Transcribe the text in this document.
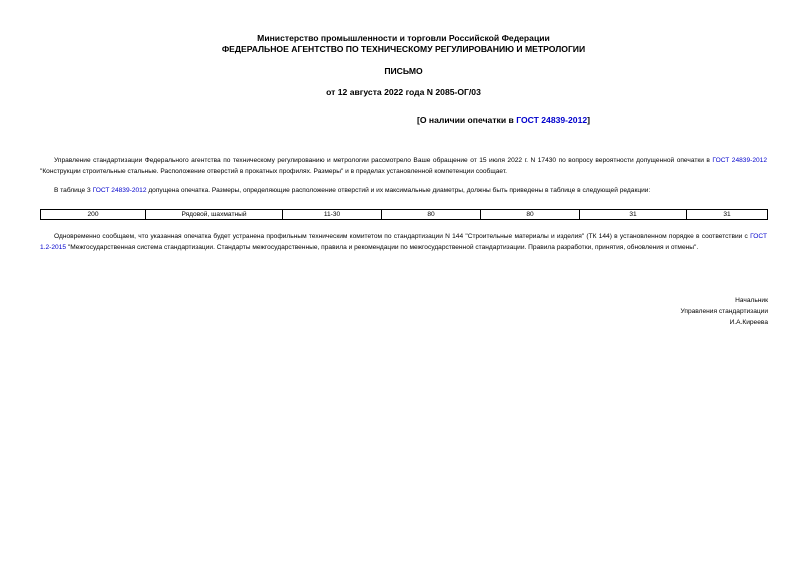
Министерство промышленности и торговли Российской Федерации
ФЕДЕРАЛЬНОЕ АГЕНТСТВО ПО ТЕХНИЧЕСКОМУ РЕГУЛИРОВАНИЮ И МЕТРОЛОГИИ
ПИСЬМО
от 12 августа 2022 года N 2085-ОГ/03
[О наличии опечатки в ГОСТ 24839-2012]
Управление стандартизации Федерального агентства по техническому регулированию и метрологии рассмотрело Ваше обращение от 15 июля 2022 г. N 17430 по вопросу вероятности допущенной опечатки в ГОСТ 24839-2012 "Конструкции строительные стальные. Расположение отверстий в прокатных профилях. Размеры" и в пределах установленной компетенции сообщает.
В таблице 3 ГОСТ 24839-2012 допущена опечатка. Размеры, определяющие расположение отверстий и их максимальные диаметры, должны быть приведены в таблице в следующей редакции:
200	Рядовой, шахматный	11-30	80	80	31	31
Одновременно сообщаем, что указанная опечатка будет устранена профильным техническим комитетом по стандартизации N 144 "Строительные материалы и изделия" (ТК 144) в установленном порядке в соответствии с ГОСТ 1.2-2015 "Межгосударственная система стандартизации. Стандарты межгосударственные, правила и рекомендации по межгосударственной стандартизации. Правила разработки, принятия, обновления и отмены".
Начальник
Управления стандартизации
И.А.Киреева
